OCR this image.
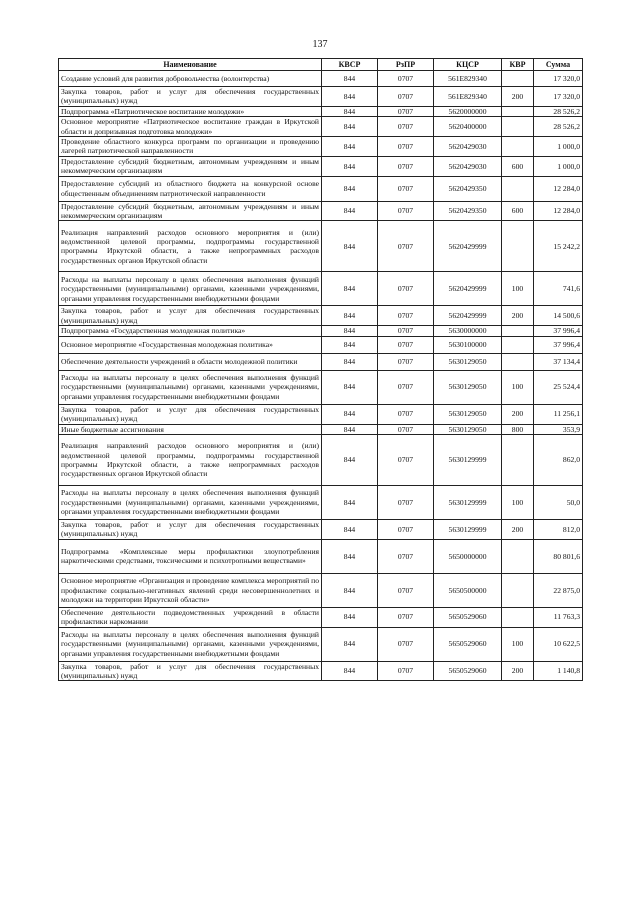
137
Наименование	КВСР	РзПР	КЦСР	КВР	Сумма
Создание условий для развития добровольчества (волонтерства)	844	0707	561E829340		17 320,0
Закупка товаров, работ и услуг для обеспечения государственных (муниципальных) нужд	844	0707	561E829340	200	17 320,0
Подпрограмма «Патриотическое воспитание молодежи»	844	0707	5620000000		28 526,2
Основное мероприятие «Патриотическое воспитание граждан в Иркутской области и допризывная подготовка молодежи»	844	0707	5620400000		28 526,2
Проведение областного конкурса программ по организации и проведению лагерей патриотической направленности	844	0707	5620429030		1 000,0
Предоставление субсидий бюджетным, автономным учреждениям и иным некоммерческим организациям	844	0707	5620429030	600	1 000,0
Предоставление субсидий из областного бюджета на конкурсной основе общественным объединениям патриотической направленности	844	0707	5620429350		12 284,0
Предоставление субсидий бюджетным, автономным учреждениям и иным некоммерческим организациям	844	0707	5620429350	600	12 284,0
Реализация направлений расходов основного мероприятия и (или) ведомственной целевой программы, подпрограммы государственной программы Иркутской области, а также непрограммных расходов государственных органов Иркутской области	844	0707	5620429999		15 242,2
Расходы на выплаты персоналу в целях обеспечения выполнения функций государственными (муниципальными) органами, казенными учреждениями, органами управления государственными внебюджетными фондами	844	0707	5620429999	100	741,6
Закупка товаров, работ и услуг для обеспечения государственных (муниципальных) нужд	844	0707	5620429999	200	14 500,6
Подпрограмма «Государственная молодежная политика»	844	0707	5630000000		37 996,4
Основное мероприятие «Государственная молодежная политика»	844	0707	5630100000		37 996,4
Обеспечение деятельности учреждений в области молодежной политики	844	0707	5630129050		37 134,4
Расходы на выплаты персоналу в целях обеспечения выполнения функций государственными (муниципальными) органами, казенными учреждениями, органами управления государственными внебюджетными фондами	844	0707	5630129050	100	25 524,4
Закупка товаров, работ и услуг для обеспечения государственных (муниципальных) нужд	844	0707	5630129050	200	11 256,1
Иные бюджетные ассигнования	844	0707	5630129050	800	353,9
Реализация направлений расходов основного мероприятия и (или) ведомственной целевой программы, подпрограммы государственной программы Иркутской области, а также непрограммных расходов государственных органов Иркутской области	844	0707	5630129999		862,0
Расходы на выплаты персоналу в целях обеспечения выполнения функций государственными (муниципальными) органами, казенными учреждениями, органами управления государственными внебюджетными фондами	844	0707	5630129999	100	50,0
Закупка товаров, работ и услуг для обеспечения государственных (муниципальных) нужд	844	0707	5630129999	200	812,0
Подпрограмма «Комплексные меры профилактики злоупотребления наркотическими средствами, токсическими и психотропными веществами»	844	0707	5650000000		80 801,6
Основное мероприятие «Организация и проведение комплекса мероприятий по профилактике социально-негативных явлений среди несовершеннолетних и молодежи на территории Иркутской области»	844	0707	5650500000		22 875,0
Обеспечение деятельности подведомственных учреждений в области профилактики наркомании	844	0707	5650529060		11 763,3
Расходы на выплаты персоналу в целях обеспечения выполнения функций государственными (муниципальными) органами, казенными учреждениями, органами управления государственными внебюджетными фондами	844	0707	5650529060	100	10 622,5
Закупка товаров, работ и услуг для обеспечения государственных (муниципальных) нужд	844	0707	5650529060	200	1 140,8
